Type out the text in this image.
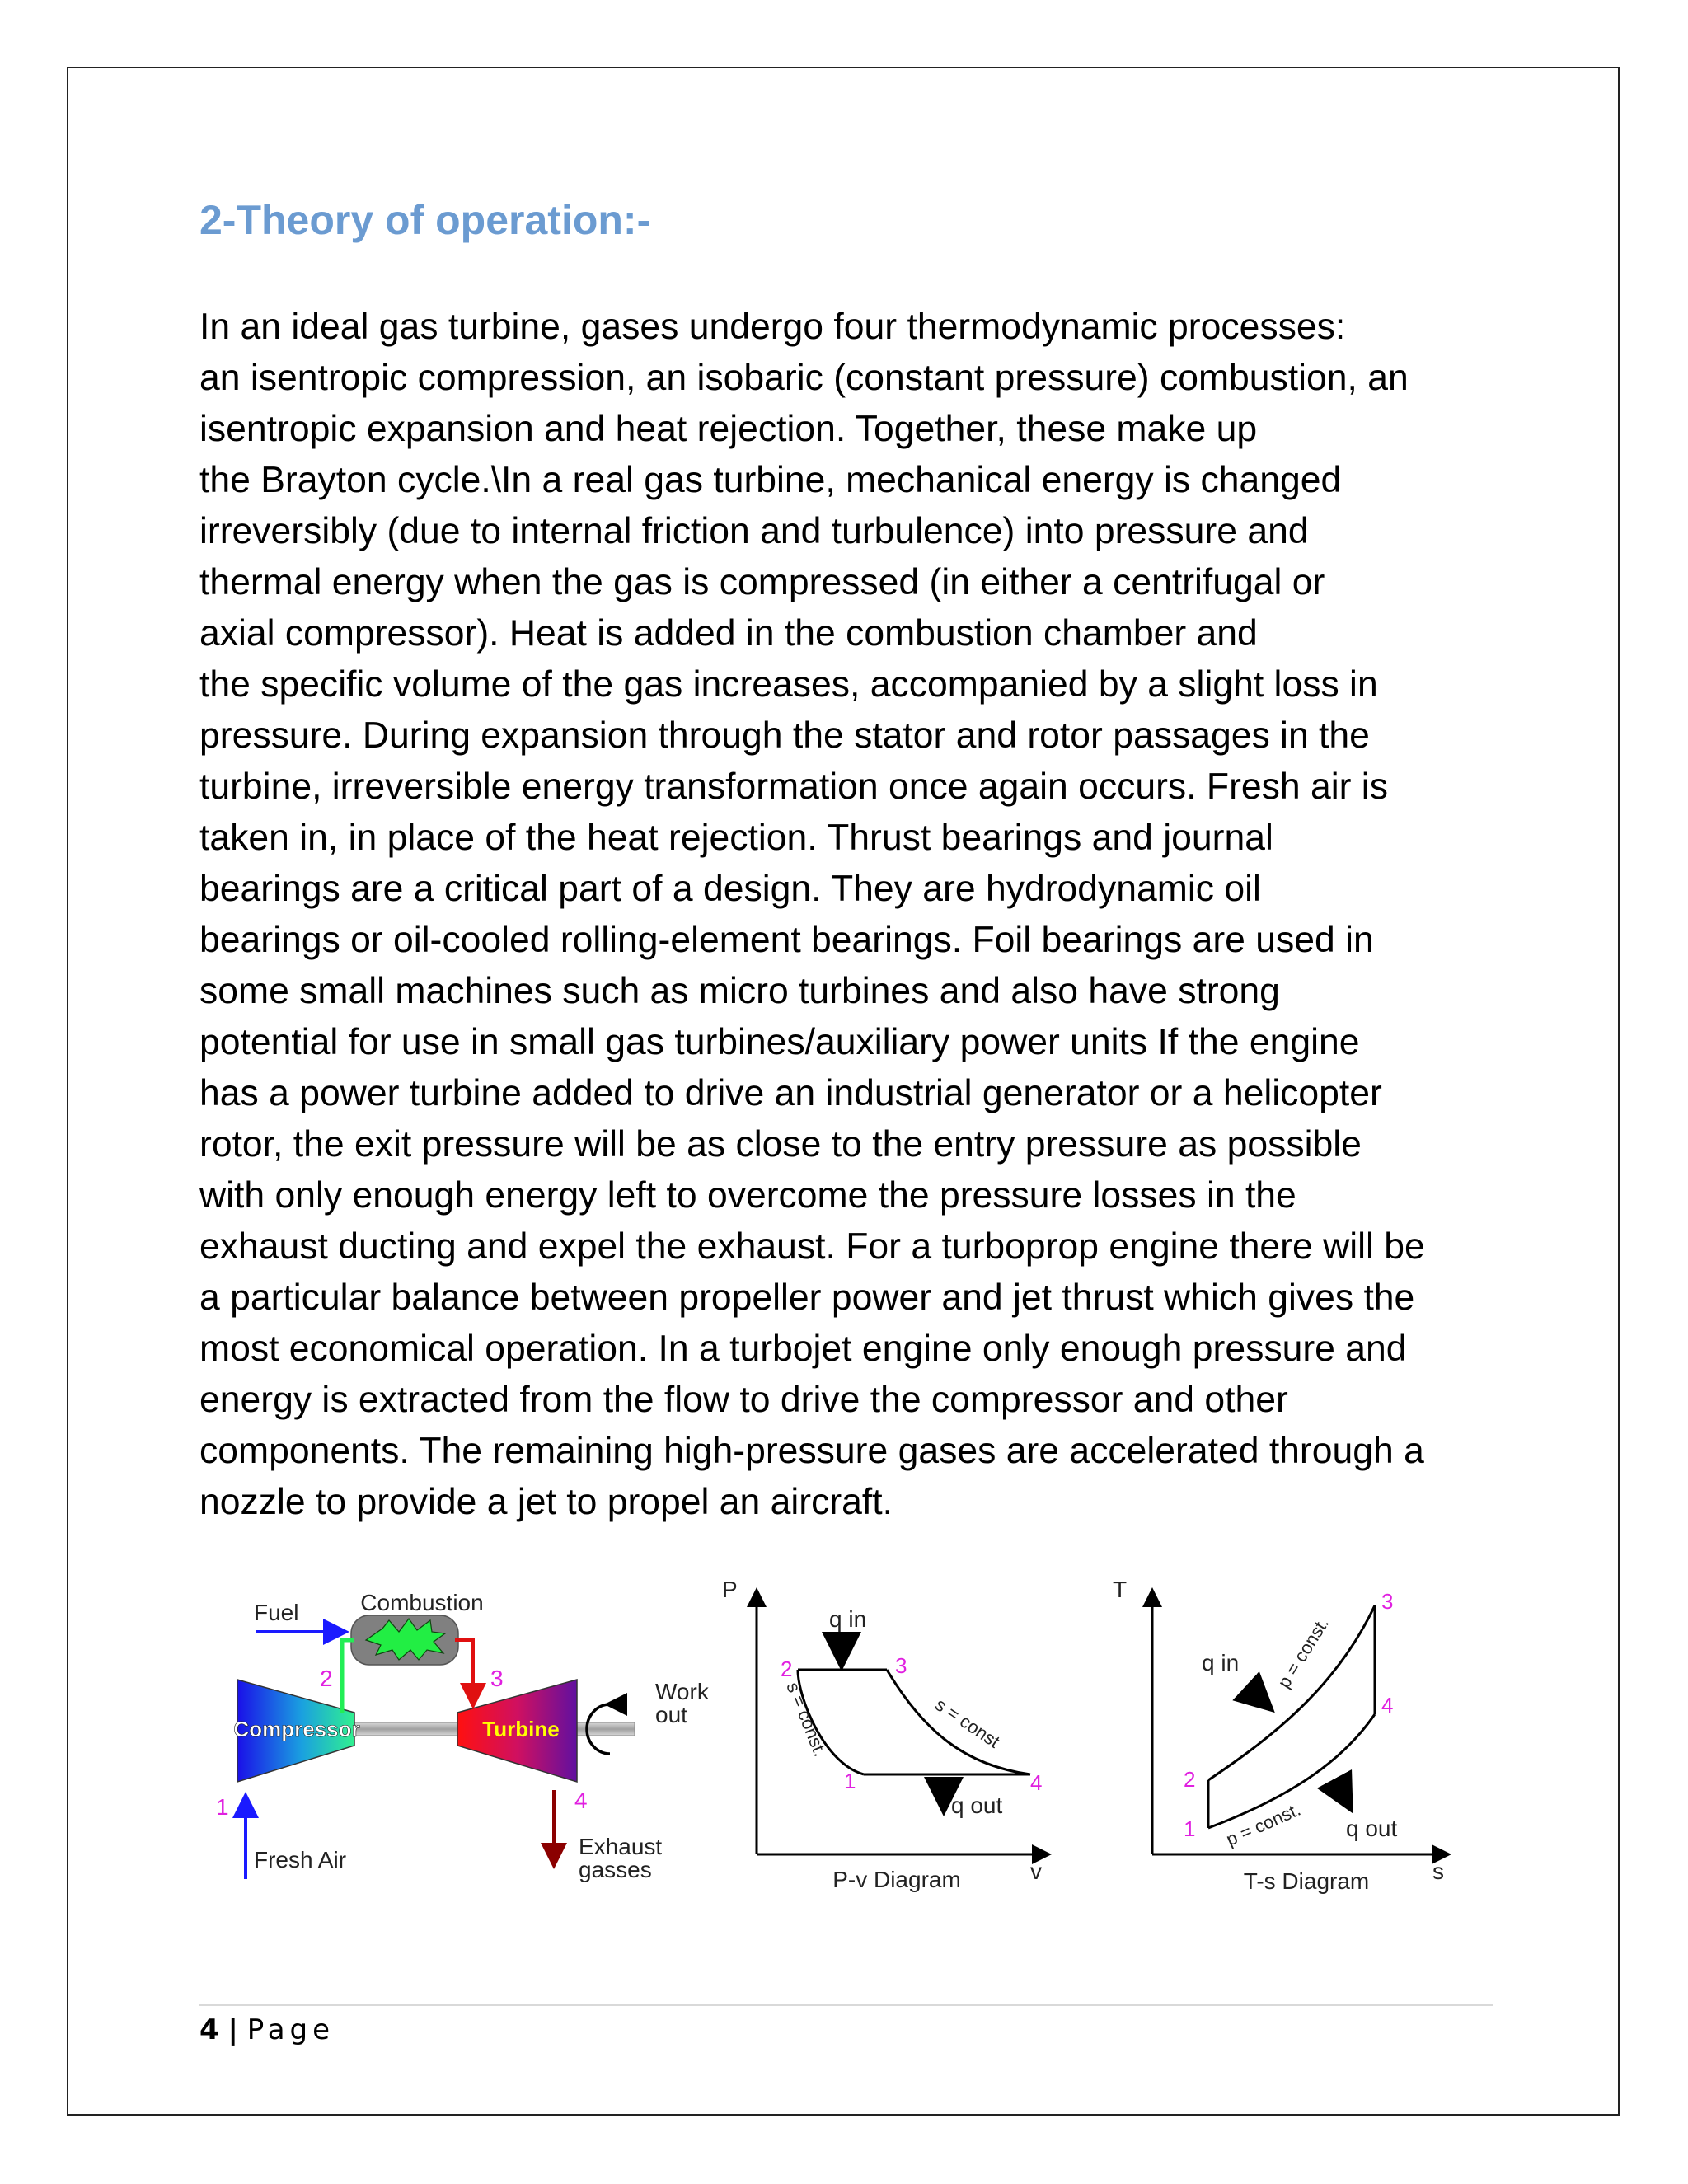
2-Theory of operation:-
In an ideal gas turbine, gases undergo four thermodynamic processes:
an isentropic compression, an isobaric (constant pressure) combustion, an
isentropic expansion and heat rejection. Together, these make up
the Brayton cycle.\In a real gas turbine, mechanical energy is changed
irreversibly (due to internal friction and turbulence) into pressure and
thermal energy when the gas is compressed (in either a centrifugal or
axial compressor). Heat is added in the combustion chamber and
the specific volume of the gas increases, accompanied by a slight loss in
pressure. During expansion through the stator and rotor passages in the
turbine, irreversible energy transformation once again occurs. Fresh air is
taken in, in place of the heat rejection. Thrust bearings and journal
bearings are a critical part of a design. They are hydrodynamic oil
bearings or oil-cooled rolling-element bearings. Foil bearings are used in
some small machines such as micro turbines and also have strong
potential for use in small gas turbines/auxiliary power units If the engine
has a power turbine added to drive an industrial generator or a helicopter
rotor, the exit pressure will be as close to the entry pressure as possible
with only enough energy left to overcome the pressure losses in the
exhaust ducting and expel the exhaust. For a turboprop engine there will be
a particular balance between propeller power and jet thrust which gives the
most economical operation. In a turbojet engine only enough pressure and
energy is extracted from the flow to drive the compressor and other
components. The remaining high-pressure gases are accelerated through a
nozzle to provide a jet to propel an aircraft.
Compressor	Turbine
Combustion
Fuel
Fresh Air
Exhaust
gasses
Work
out
1
2	3
4
P
v
P-v Diagram
q in
q out
s = const.	s = const
1
2	3
4
T
s
T-s Diagram
q in
q out
p = const.
p = const.
1
2
3
4
4 | Page
